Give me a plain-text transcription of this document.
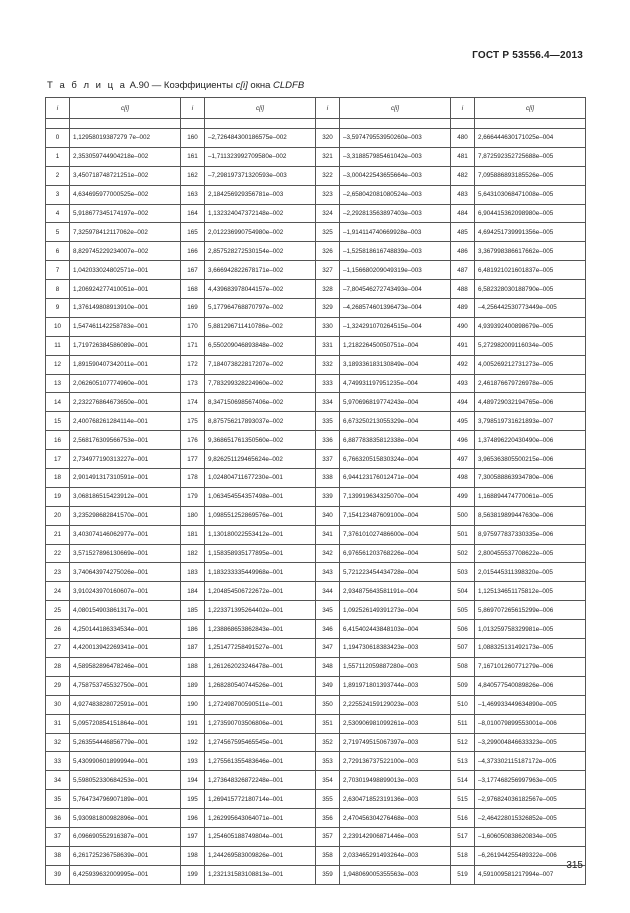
ГОСТ Р 53556.4—2013
Т а б л и ц а А.90 — Коэффициенты c[i] окна CLDFB
i	c[i]	i	c[i]	i	c[i]	i	c[i]

0	1,12958019387279 7e–002	160	–2,726484300186575e–002	320	–3,597479553950260e–003	480	2,666444630171025e–004
1	2,353059744904218e–002	161	–1,711323992709580e–002	321	–3,318857985461042e–003	481	7,872592352725688e–005
2	3,450718748721251e–002	162	–7,298197371320593e–003	322	–3,000422543655664e–003	482	7,095886893185526e–005
3	4,634695977000525e–002	163	2,184256929356781e–003	323	–2,658042081080524e–003	483	5,643103068471008e–005
4	5,918677345174197e–002	164	1,132324047372148e–002	324	–2,292813563897403e–003	484	6,904415362098980e–005
5	7,325978412117062e–002	165	2,012236990754980e–002	325	–1,914114740669928e–003	485	4,694251739991356e–005
6	8,829745229234007e–002	166	2,857528272530154e–002	326	–1,525818616748839e–003	486	3,367998386617662e–005
7	1,042033024802571e–001	167	3,666942822678171e–002	327	–1,156680209049319e–003	487	6,481921021601837e–005
8	1,206924277410051e–001	168	4,439683978044157e–002	328	–7,804546272743493e–004	488	6,582328030188790e–005
9	1,376149808913910e–001	169	5,177964768870797e–002	329	–4,268574601396473e–004	489	–4,256442530773449e–005
10	1,547461142258783e–001	170	5,881296711410786e–002	330	–1,324291070264515e–004	490	4,939392400898679e–005
11	1,719726384586089e–001	171	6,550209046893848e–002	331	1,218226450050751e–004	491	5,272982009116034e–005
12	1,891590407342011e–001	172	7,184073822817207e–002	332	3,189336183130849e–004	492	4,005269212731273e–005
13	2,062605107774960e–001	173	7,783299328224960e–002	333	4,749931197951235e–004	493	2,461876679726978e–005
14	2,232276864673650e–001	174	8,347150698567406e–002	334	5,970696819774243e–004	494	4,489729032194765e–006
15	2,400768261284114e–001	175	8,875756217893037e–002	335	6,673250213055329e–004	495	3,798519731621893e–007
16	2,568176309566753e–001	176	9,368651761350560e–002	336	6,887783835812338e–004	496	1,374896220430490e–006
17	2,734977190313227e–001	177	9,826251129465624e–002	337	6,766320515830324e–004	497	3,965363805500215e–006
18	2,901491317310591e–001	178	1,024804711677230e–001	338	6,944123176012471e–004	498	7,300588863934780e–006
19	3,068186515423912e–001	179	1,063454554357498e–001	339	7,139919634325070e–004	499	1,168894474770061e–005
20	3,235298682841570e–001	180	1,098551252869576e–001	340	7,154123487609100e–004	500	8,563819899447630e–006
21	3,403074146062977e–001	181	1,130180022553412e–001	341	7,376101027486600e–004	501	8,975977837330335e–006
22	3,571527896130669e–001	182	1,158358935177895e–001	342	6,976561203768226e–004	502	2,800455537708622e–005
23	3,740643974275026e–001	183	1,183233335449968e–001	343	5,721223454434728e–004	503	2,015445311398320e–005
24	3,910243970160607e–001	184	1,204854506722672e–001	344	2,934875643581191e–004	504	1,125134651175812e–005
25	4,080154903861317e–001	185	1,223371395264402e–001	345	1,092526149391273e–004	505	5,869707265615299e–006
26	4,250144186334534e–001	186	1,238868653862843e–001	346	6,415402443848103e–004	506	1,013259758329981e–005
27	4,420013942269341e–001	187	1,251477258491527e–001	347	1,194730618383423e–003	507	1,088325131492173e–005
28	4,589582896478246e–001	188	1,261262023246478e–001	348	1,557112059887280e–003	508	7,167101260771279e–006
29	4,758753745532750e–001	189	1,268280540744526e–001	349	1,891971801393744e–003	509	4,840577540089826e–006
30	4,927483828072591e–001	190	1,272498700590511e–001	350	2,225524159129023e–003	510	–1,469933449634890e–005
31	5,095720854151864e–001	191	1,273590703506806e–001	351	2,530906981099261e–003	511	–8,010079899553001e–006
32	5,263554446856779e–001	192	1,274567595465545e–001	352	2,719749515067397e–003	512	–3,299004846633323e–005
33	5,430990601899994e–001	193	1,275561355483646e–001	353	2,729136737522100e–003	513	–4,373302115187172e–005
34	5,598052330684253e–001	194	1,273648326872248e–001	354	2,703019498899013e–003	514	–3,177468256997963e–005
35	5,764734796907189e–001	195	1,269415772180714e–001	355	2,630471852319136e–003	515	–2,976824036182567e–005
36	5,930981800982896e–001	196	1,262995643064071e–001	356	2,470456304276468e–003	516	–2,464228015326852e–005
37	6,096690552916387e–001	197	1,254605188749804e–001	357	2,239142906871446e–003	517	–1,606050838620834e–005
38	6,261725236758639e–001	198	1,244269583009826e–001	358	2,033465291493264e–003	518	–6,261944255489322e–006
39	6,425939632009995e–001	199	1,232131583108813e–001	359	1,948069005355563e–003	519	4,591009581217994e–007
315
